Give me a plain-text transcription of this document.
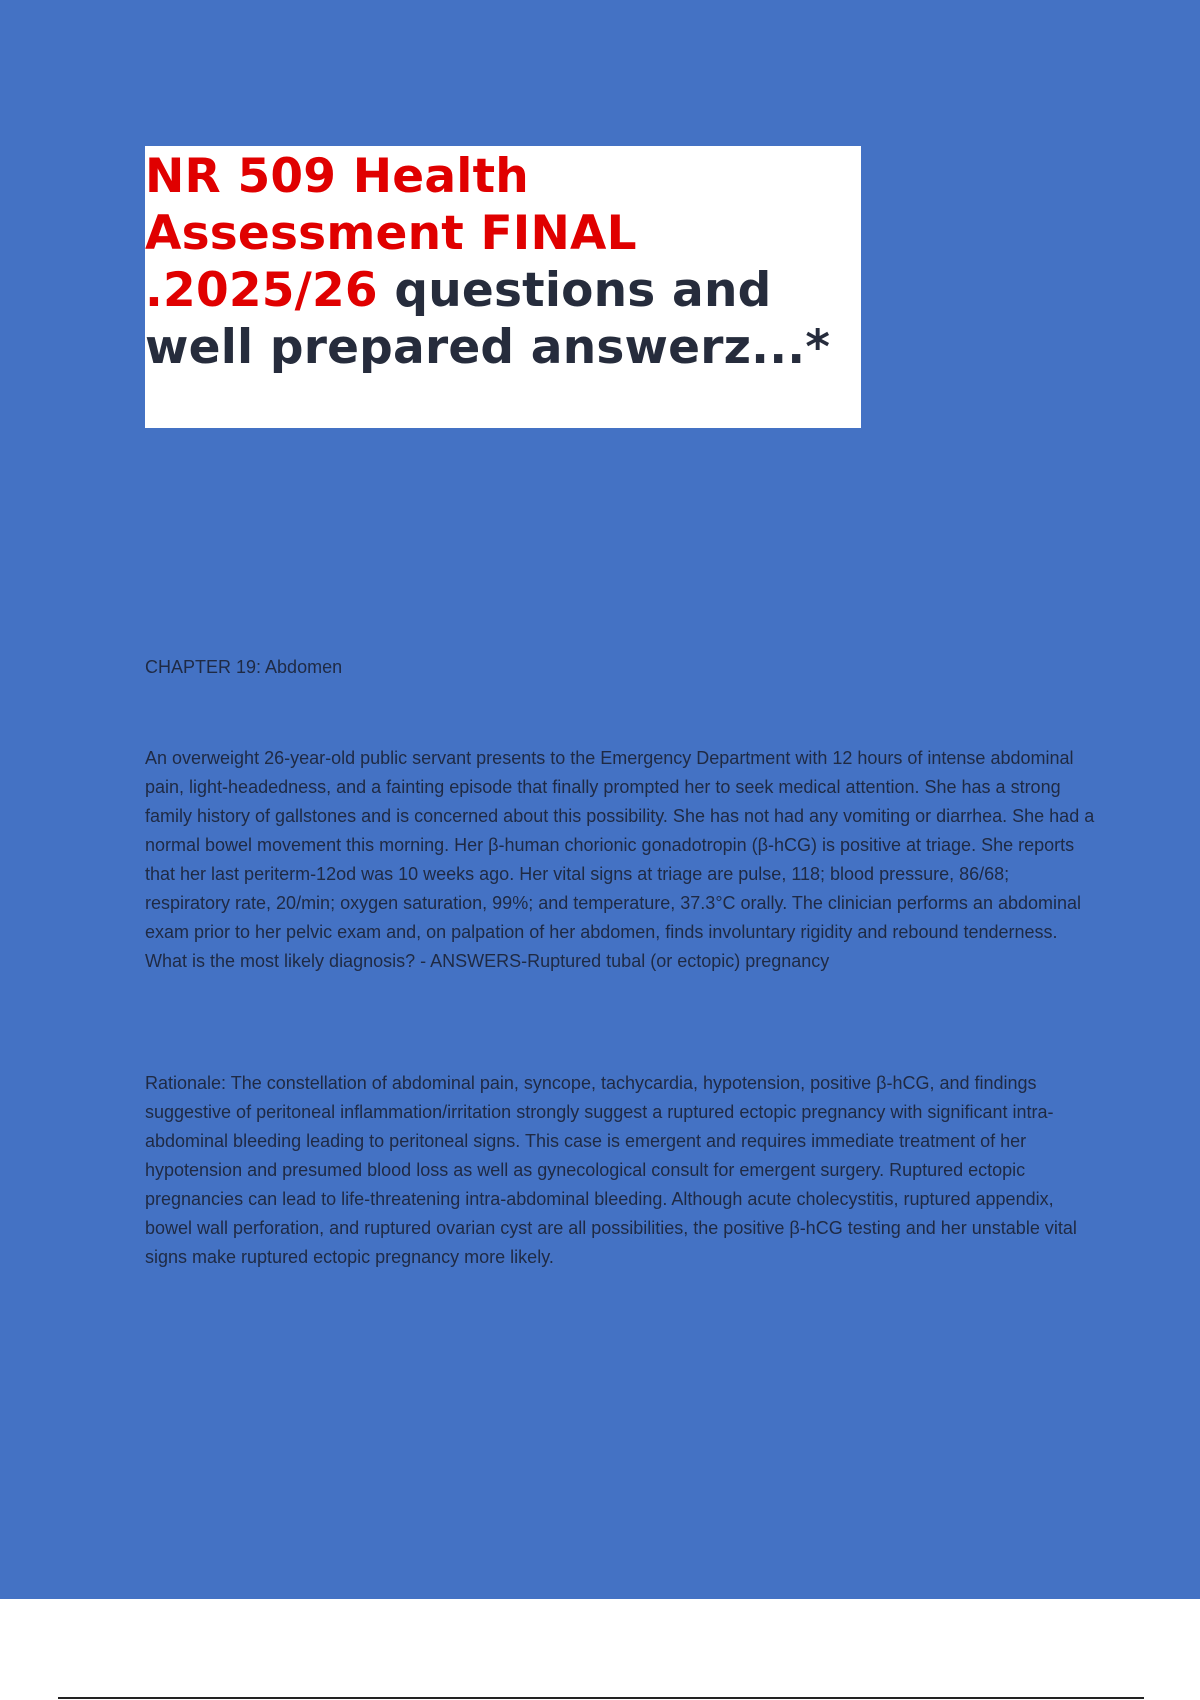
NR 509 Health Assessment FINAL .2025/26 questions and well prepared answerz...*
CHAPTER 19: Abdomen

An overweight 26-year-old public servant presents to the Emergency Department with 12 hours of intense abdominal pain, light-headedness, and a fainting episode that finally prompted her to seek medical attention. She has a strong family history of gallstones and is concerned about this possibility. She has not had any vomiting or diarrhea. She had a normal bowel movement this morning. Her β-human chorionic gonadotropin (β-hCG) is positive at triage. She reports that her last periterm-12od was 10 weeks ago. Her vital signs at triage are pulse, 118; blood pressure, 86/68; respiratory rate, 20/min; oxygen saturation, 99%; and temperature, 37.3°C orally. The clinician performs an abdominal exam prior to her pelvic exam and, on palpation of her abdomen, finds involuntary rigidity and rebound tenderness. What is the most likely diagnosis? - ANSWERS-Ruptured tubal (or ectopic) pregnancy

Rationale: The constellation of abdominal pain, syncope, tachycardia, hypotension, positive β-hCG, and findings suggestive of peritoneal inflammation/irritation strongly suggest a ruptured ectopic pregnancy with significant intra-abdominal bleeding leading to peritoneal signs. This case is emergent and requires immediate treatment of her hypotension and presumed blood loss as well as gynecological consult for emergent surgery. Ruptured ectopic pregnancies can lead to life-threatening intra-abdominal bleeding. Although acute cholecystitis, ruptured appendix, bowel wall perforation, and ruptured ovarian cyst are all possibilities, the positive β-hCG testing and her unstable vital signs make ruptured ectopic pregnancy more likely.
